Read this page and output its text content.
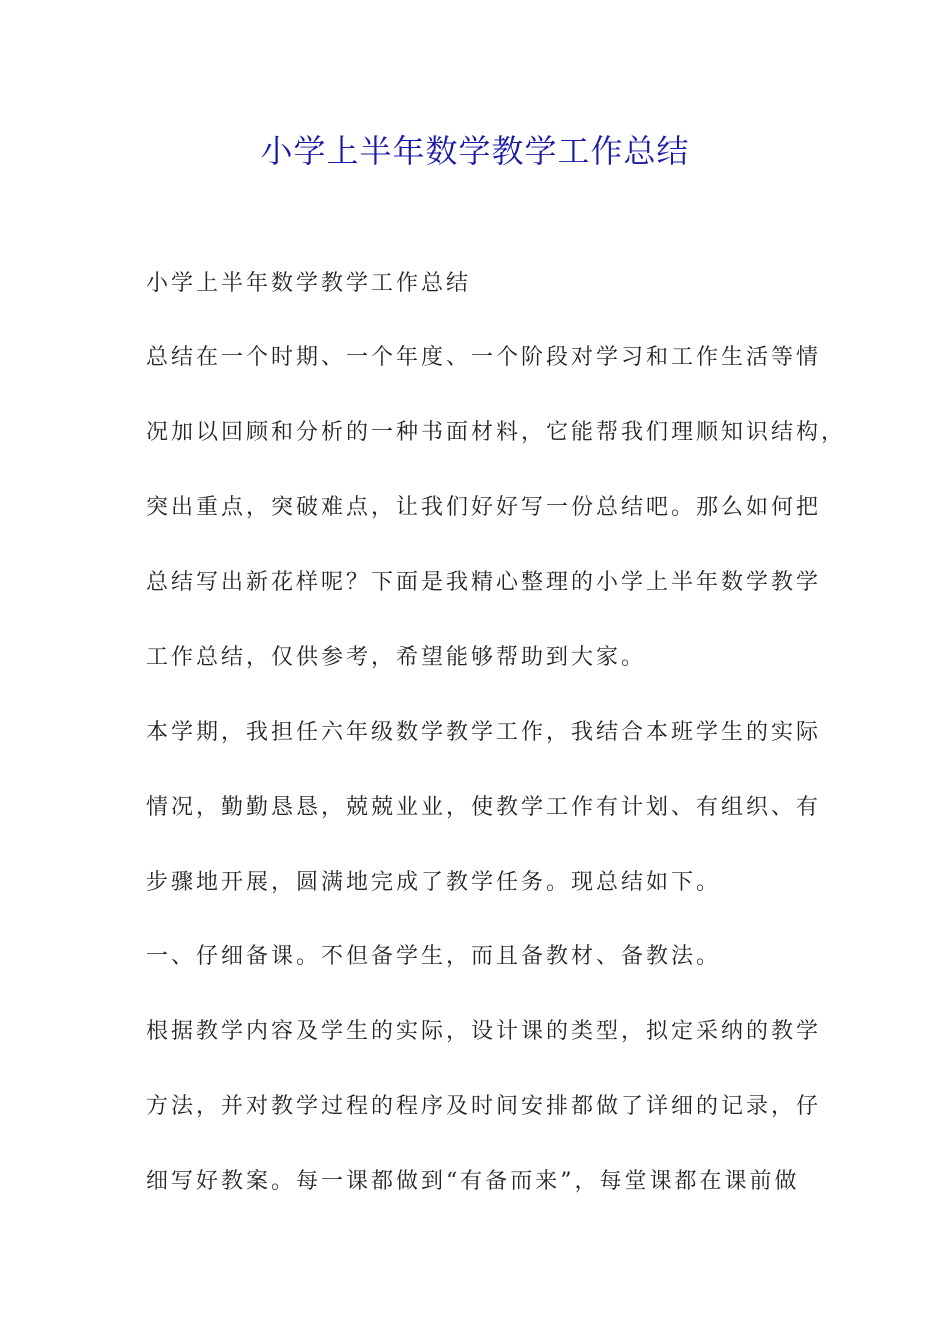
小学上半年数学教学工作总结

小学上半年数学教学工作总结

总结在一个时期、一个年度、一个阶段对学习和工作生活等情

况加以回顾和分析的一种书面材料，它能帮我们理顺知识结构，

突出重点，突破难点，让我们好好写一份总结吧。那么如何把

总结写出新花样呢？下面是我精心整理的小学上半年数学教学

工作总结，仅供参考，希望能够帮助到大家。

本学期，我担任六年级数学教学工作，我结合本班学生的实际

情况，勤勤恳恳，兢兢业业，使教学工作有计划、有组织、有

步骤地开展，圆满地完成了教学任务。现总结如下。

一、仔细备课。不但备学生，而且备教材、备教法。

根据教学内容及学生的实际，设计课的类型，拟定采纳的教学

方法，并对教学过程的程序及时间安排都做了详细的记录，仔

细写好教案。每一课都做到“有备而来”，每堂课都在课前做
